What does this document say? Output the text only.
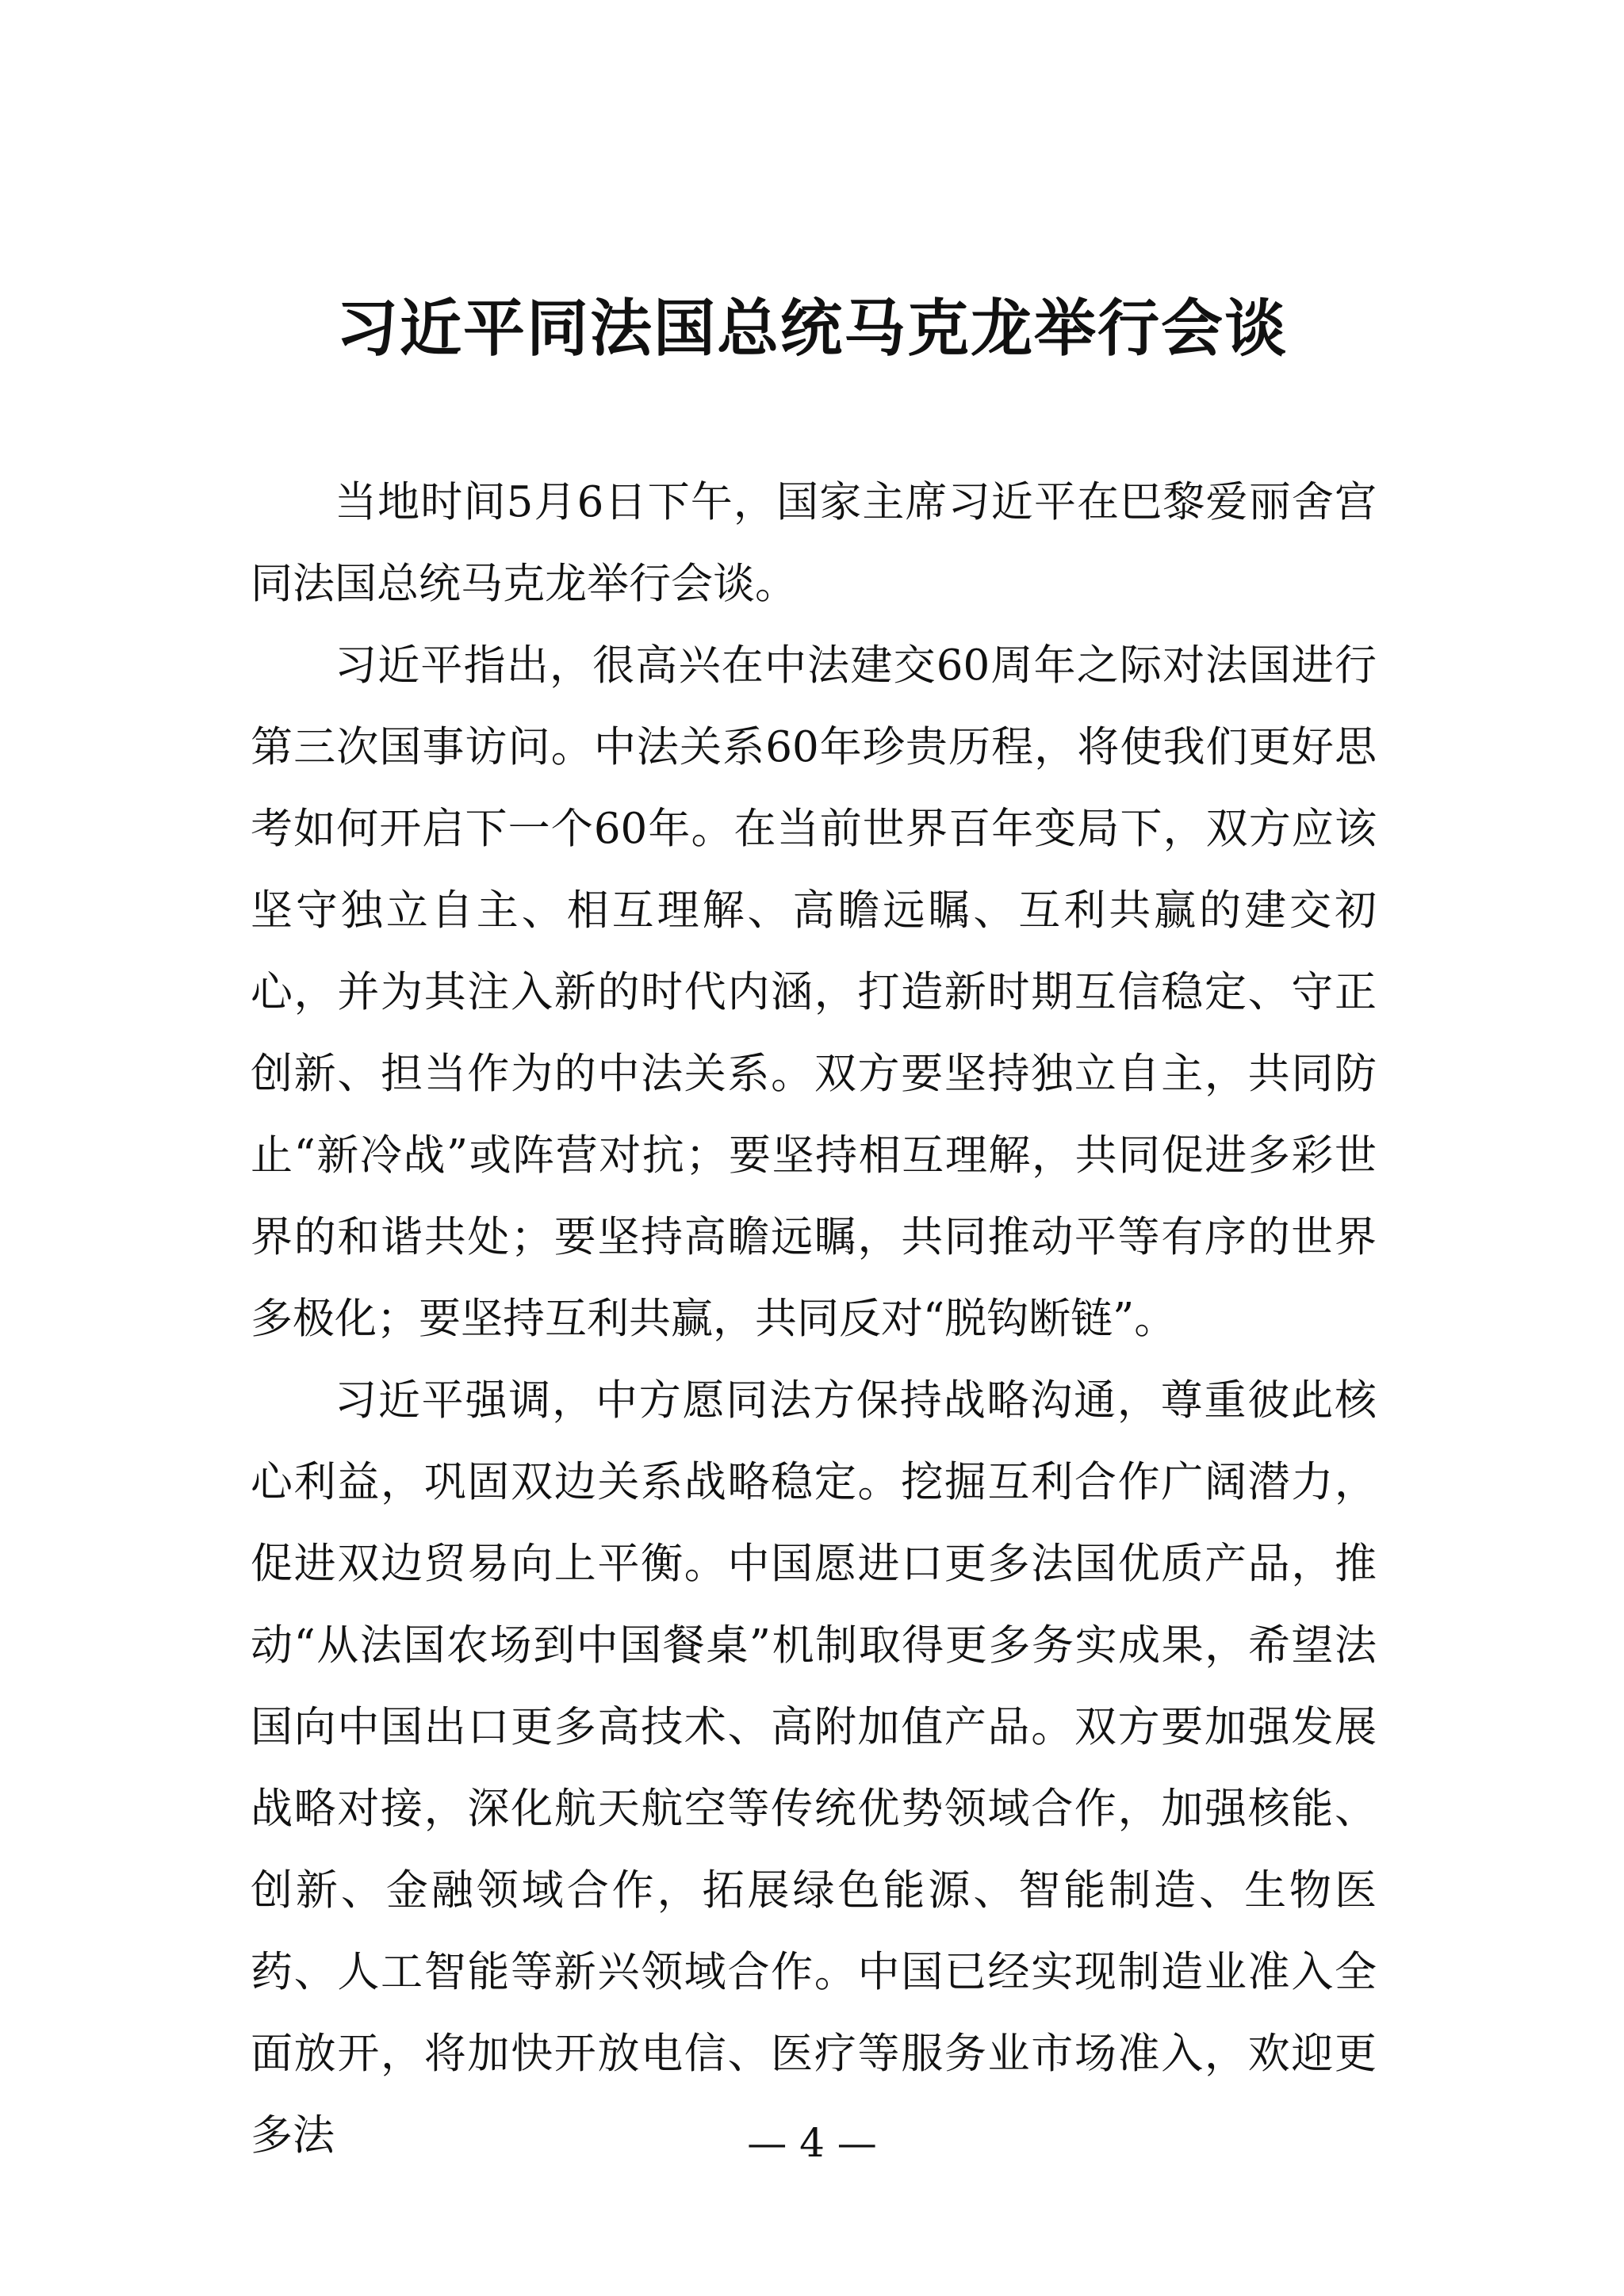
习近平同法国总统马克龙举行会谈

当地时间5月6日下午，国家主席习近平在巴黎爱丽舍宫同法国总统马克龙举行会谈。

习近平指出，很高兴在中法建交60周年之际对法国进行第三次国事访问。中法关系60年珍贵历程，将使我们更好思考如何开启下一个60年。在当前世界百年变局下，双方应该坚守独立自主、相互理解、高瞻远瞩、互利共赢的建交初心，并为其注入新的时代内涵，打造新时期互信稳定、守正创新、担当作为的中法关系。双方要坚持独立自主，共同防止“新冷战”或阵营对抗；要坚持相互理解，共同促进多彩世界的和谐共处；要坚持高瞻远瞩，共同推动平等有序的世界多极化；要坚持互利共赢，共同反对“脱钩断链”。

习近平强调，中方愿同法方保持战略沟通，尊重彼此核心利益，巩固双边关系战略稳定。挖掘互利合作广阔潜力，促进双边贸易向上平衡。中国愿进口更多法国优质产品，推动“从法国农场到中国餐桌”机制取得更多务实成果，希望法国向中国出口更多高技术、高附加值产品。双方要加强发展战略对接，深化航天航空等传统优势领域合作，加强核能、创新、金融领域合作，拓展绿色能源、智能制造、生物医药、人工智能等新兴领域合作。中国已经实现制造业准入全面放开，将加快开放电信、医疗等服务业市场准入，欢迎更多法	— 4 —
